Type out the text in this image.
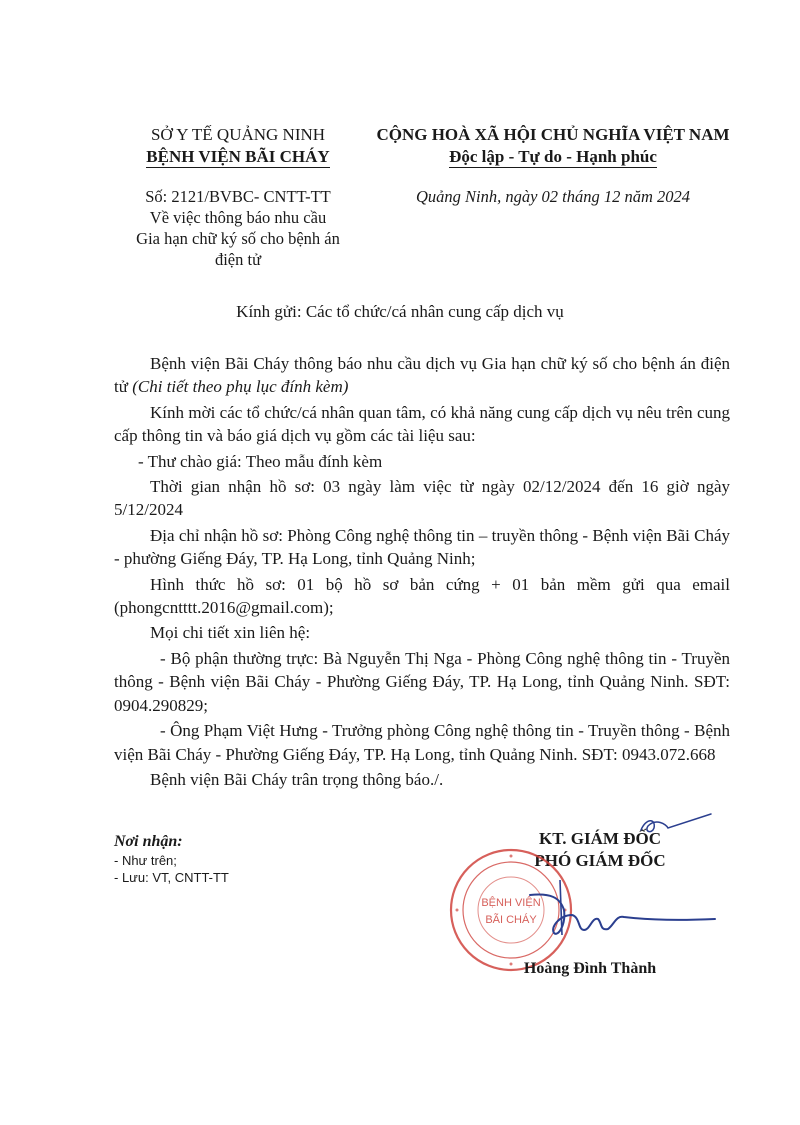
SỞ Y TẾ QUẢNG NINH
BỆNH VIỆN BÃI CHÁY
Số: 2121/BVBC- CNTT-TT
Về việc thông báo nhu cầu
Gia hạn chữ ký số cho bệnh án
điện tử
CỘNG HOÀ XÃ HỘI CHỦ NGHĨA VIỆT NAM
Độc lập - Tự do - Hạnh phúc
Quảng Ninh, ngày 02 tháng 12 năm 2024
Kính gửi: Các tổ chức/cá nhân cung cấp dịch vụ

Bệnh viện Bãi Cháy thông báo nhu cầu dịch vụ Gia hạn chữ ký số cho bệnh án điện tử (Chi tiết theo phụ lục đính kèm)

Kính mời các tổ chức/cá nhân quan tâm, có khả năng cung cấp dịch vụ nêu trên cung cấp thông tin và báo giá dịch vụ gồm các tài liệu sau:

- Thư chào giá: Theo mẫu đính kèm

Thời gian nhận hồ sơ: 03 ngày làm việc từ ngày 02/12/2024 đến 16 giờ ngày 5/12/2024

Địa chỉ nhận hồ sơ: Phòng Công nghệ thông tin – truyền thông - Bệnh viện Bãi Cháy - phường Giếng Đáy, TP. Hạ Long, tỉnh Quảng Ninh;

Hình thức hồ sơ: 01 bộ hồ sơ bản cứng + 01 bản mềm gửi qua email (phongcntttt.2016@gmail.com);

Mọi chi tiết xin liên hệ:

- Bộ phận thường trực: Bà Nguyễn Thị Nga - Phòng Công nghệ thông tin - Truyền thông - Bệnh viện Bãi Cháy - Phường Giếng Đáy, TP. Hạ Long, tỉnh Quảng Ninh. SĐT: 0904.290829;

- Ông Phạm Việt Hưng - Trưởng phòng Công nghệ thông tin - Truyền thông - Bệnh viện Bãi Cháy - Phường Giếng Đáy, TP. Hạ Long, tỉnh Quảng Ninh. SĐT: 0943.072.668

Bệnh viện Bãi Cháy trân trọng thông báo./.

Nơi nhận:
- Như trên;
- Lưu: VT, CNTT-TT
KT. GIÁM ĐỐC
PHÓ GIÁM ĐỐC
BỆNH VIỆN
BÃI CHÁY
Hoàng Đình Thành
